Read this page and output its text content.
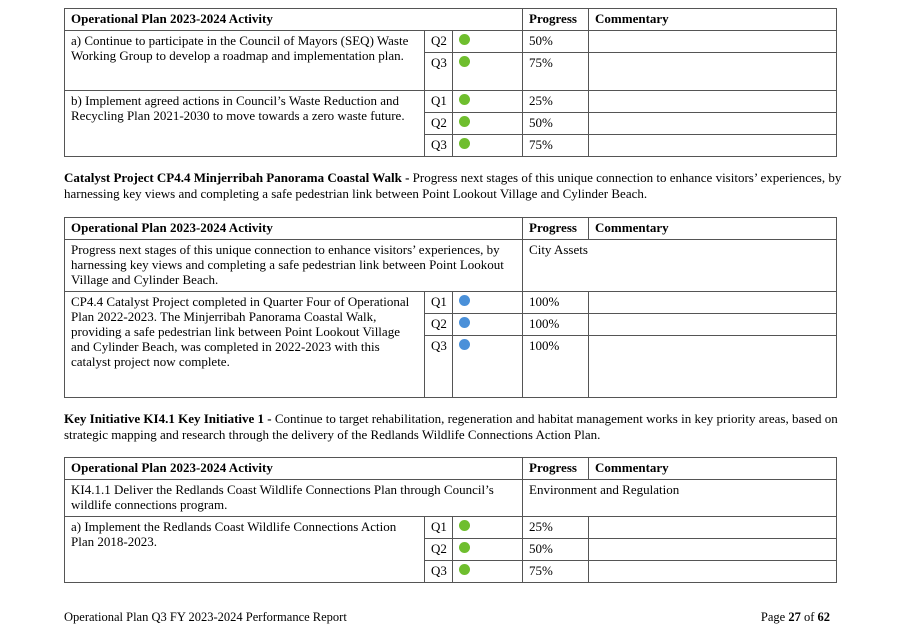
Operational Plan 2023-2024 Activity			Progress	Commentary
a) Continue to participate in the Council of Mayors (SEQ) Waste Working Group to develop a roadmap and implementation plan.	Q2		50%	
	Q3		75%	
b) Implement agreed actions in Council’s Waste Reduction and Recycling Plan 2021-2030 to move towards a zero waste future.	Q1		25%	
	Q2		50%	
	Q3		75%	

Catalyst Project CP4.4 Minjerribah Panorama Coastal Walk - Progress next stages of this unique connection to enhance visitors’ experiences, by harnessing key views and completing a safe pedestrian link between Point Lookout Village and Cylinder Beach.

Operational Plan 2023-2024 Activity			Progress	Commentary
Progress next stages of this unique connection to enhance visitors’ experiences, by harnessing key views and completing a safe pedestrian link between Point Lookout Village and Cylinder Beach.			City Assets	
CP4.4 Catalyst Project completed in Quarter Four of Operational Plan 2022-2023. The Minjerribah Panorama Coastal Walk, providing a safe pedestrian link between Point Lookout Village and Cylinder Beach, was completed in 2022-2023 with this catalyst project now complete.	Q1		100%	
	Q2		100%	
	Q3		100%	

Key Initiative KI4.1 Key Initiative 1 - Continue to target rehabilitation, regeneration and habitat management works in key priority areas, based on strategic mapping and research through the delivery of the Redlands Wildlife Connections Action Plan.

Operational Plan 2023-2024 Activity			Progress	Commentary
KI4.1.1 Deliver the Redlands Coast Wildlife Connections Plan through Council’s wildlife connections program.			Environment and Regulation	
a) Implement the Redlands Coast Wildlife Connections Action Plan 2018-2023.	Q1		25%	
	Q2		50%	
	Q3		75%	
Operational Plan Q3 FY 2023-2024 Performance Report	Page 27 of 62
